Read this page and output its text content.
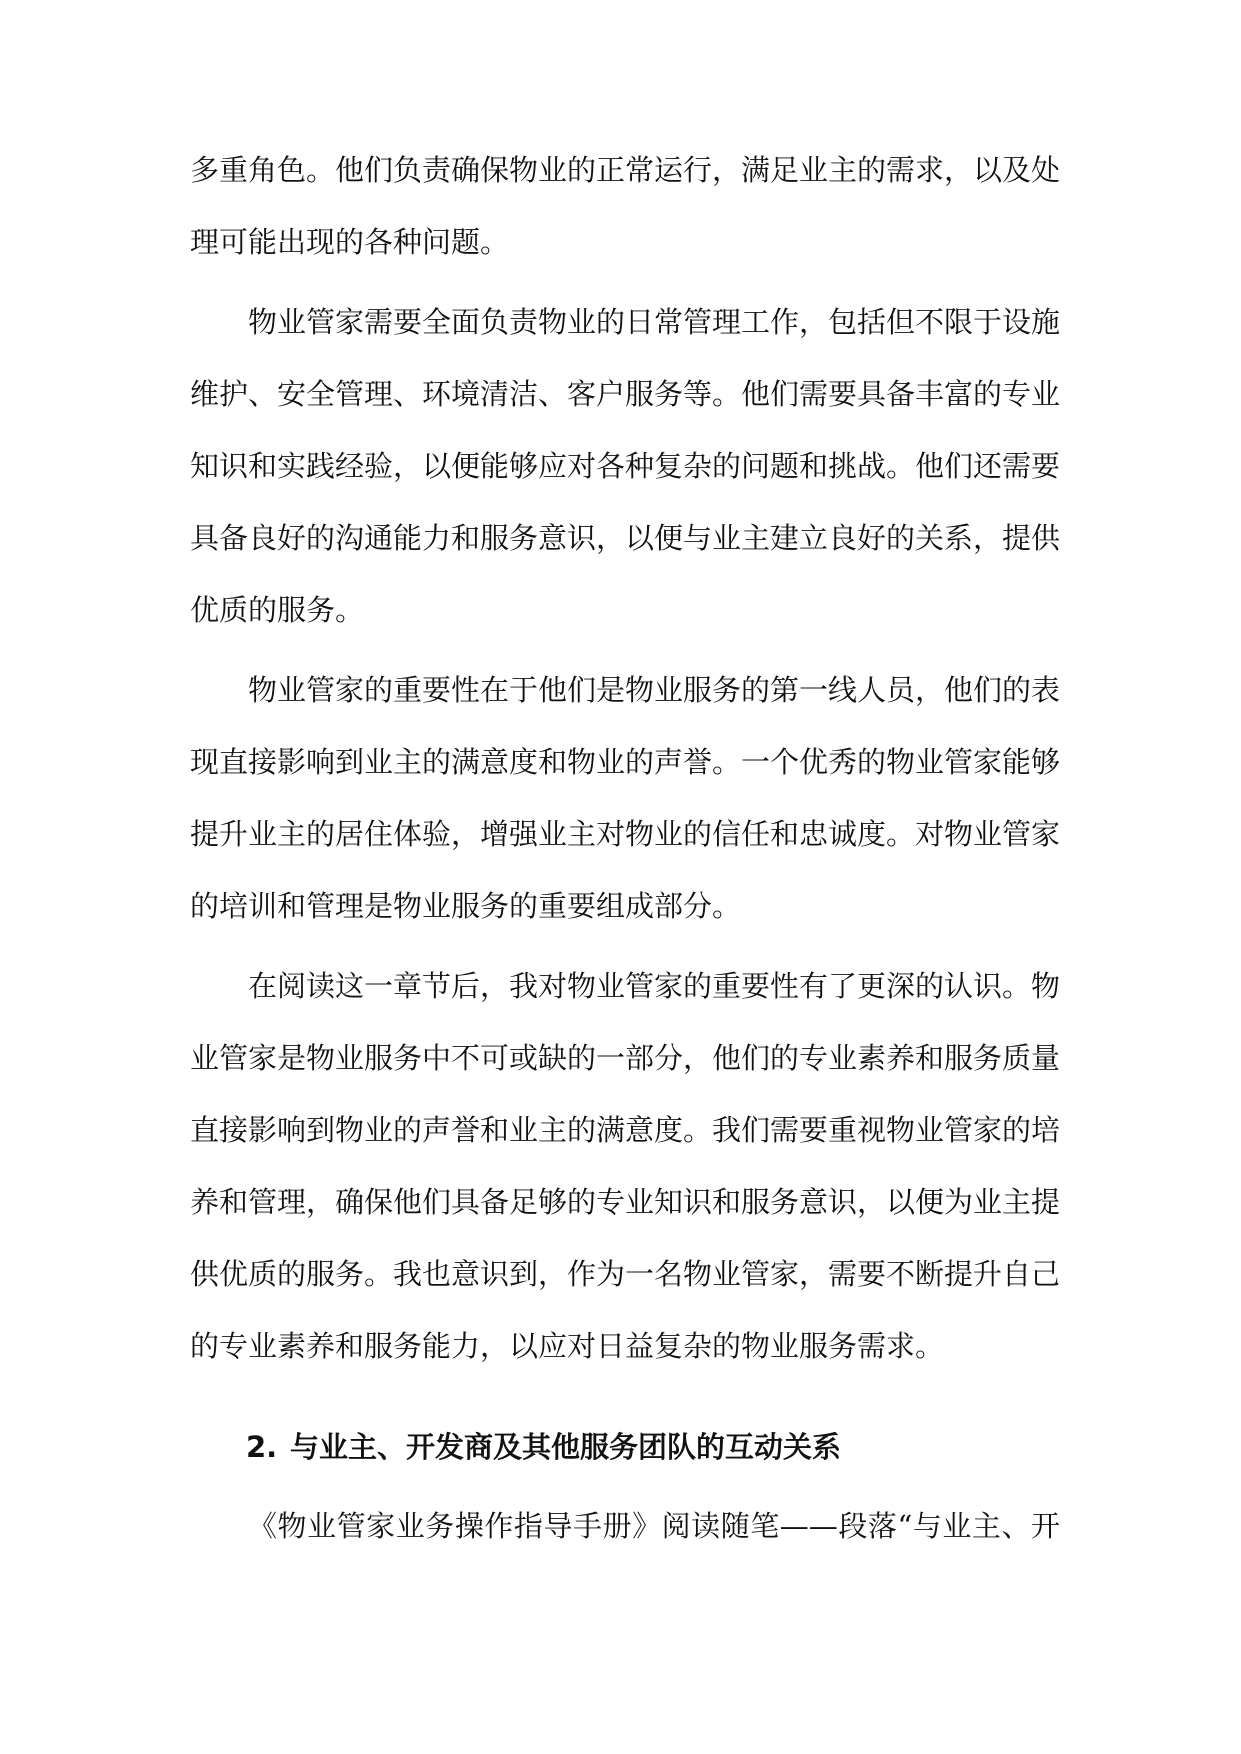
多重角色。他们负责确保物业的正常运行，满足业主的需求，以及处
理可能出现的各种问题。
物业管家需要全面负责物业的日常管理工作，包括但不限于设施
维护、安全管理、环境清洁、客户服务等。他们需要具备丰富的专业
知识和实践经验，以便能够应对各种复杂的问题和挑战。他们还需要
具备良好的沟通能力和服务意识，以便与业主建立良好的关系，提供
优质的服务。
物业管家的重要性在于他们是物业服务的第一线人员，他们的表
现直接影响到业主的满意度和物业的声誉。一个优秀的物业管家能够
提升业主的居住体验，增强业主对物业的信任和忠诚度。对物业管家
的培训和管理是物业服务的重要组成部分。
在阅读这一章节后，我对物业管家的重要性有了更深的认识。物
业管家是物业服务中不可或缺的一部分，他们的专业素养和服务质量
直接影响到物业的声誉和业主的满意度。我们需要重视物业管家的培
养和管理，确保他们具备足够的专业知识和服务意识，以便为业主提
供优质的服务。我也意识到，作为一名物业管家，需要不断提升自己
的专业素养和服务能力，以应对日益复杂的物业服务需求。
2. 与业主、开发商及其他服务团队的互动关系
《物业管家业务操作指导手册》阅读随笔——段落“与业主、开
